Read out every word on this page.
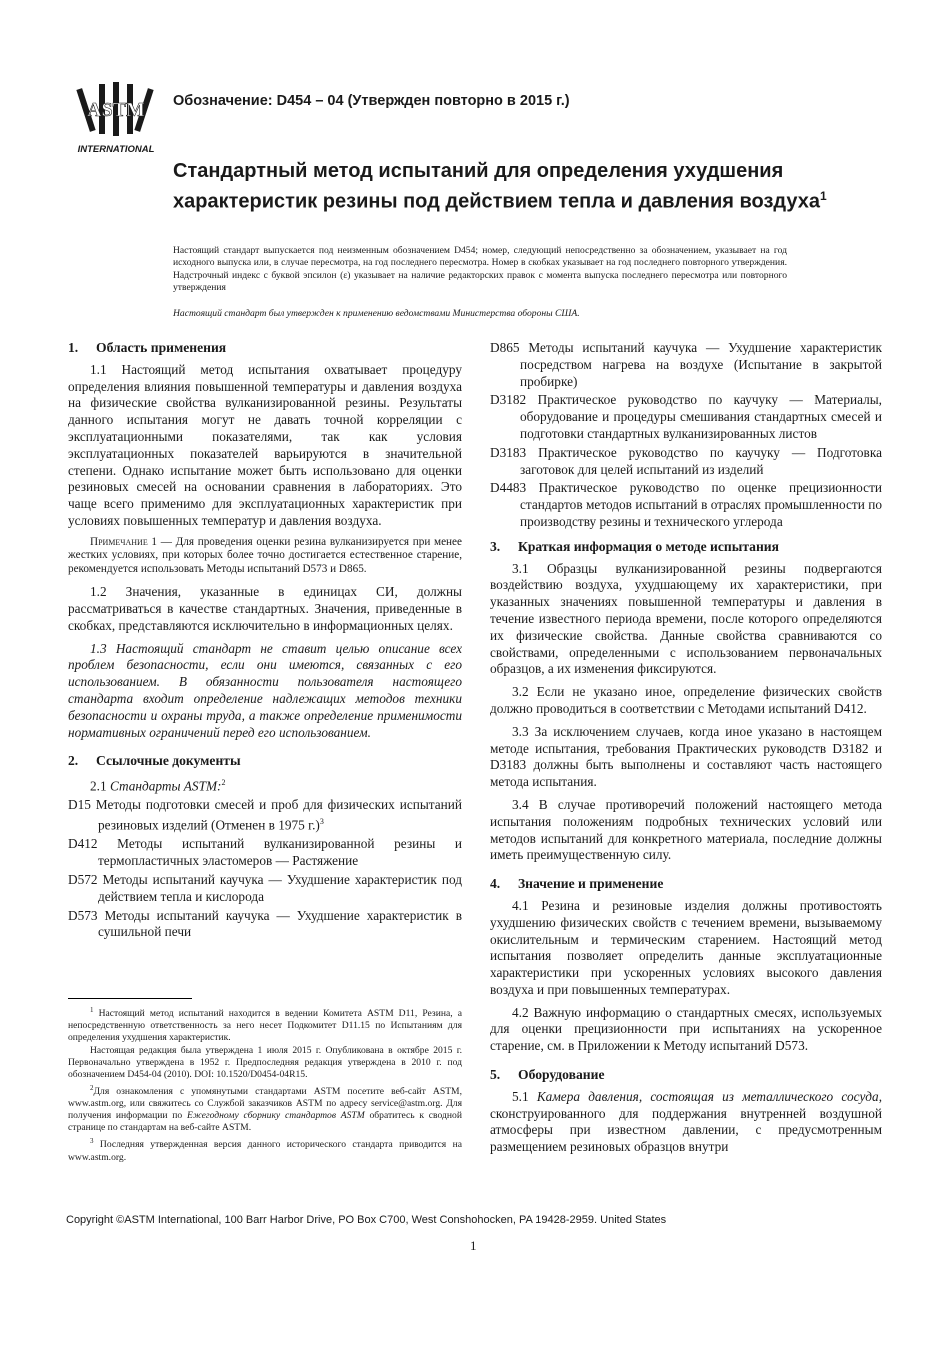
ASTM
INTERNATIONAL
Обозначение: D454 – 04 (Утвержден повторно в 2015 г.)
Стандартный метод испытаний для определения ухудшения характеристик резины под действием тепла и давления воздуха$^1$
Настоящий стандарт выпускается под неизменным обозначением D454; номер, следующий непосредственно за обозначением, указывает на год исходного выпуска или, в случае пересмотра, на год последнего пересмотра. Номер в скобках указывает на год последнего повторного утверждения. Надстрочный индекс с буквой эпсилон (ε) указывает на наличие редакторских правок с момента выпуска последнего пересмотра или повторного утверждения
Настоящий стандарт был утвержден к применению ведомствами Министерства обороны США.
1. Область применения

1.1 Настоящий метод испытания охватывает процедуру определения влияния повышенной температуры и давления воздуха на физические свойства вулканизированной резины. Результаты данного испытания могут не давать точной корреляции с эксплуатационными показателями, так как условия эксплуатационных показателей варьируются в значительной степени. Однако испытание может быть использовано для оценки резиновых смесей на основании сравнения в лабораториях. Это чаще всего применимо для эксплуатационных характеристик при условиях повышенных температур и давления воздуха.

Примечание 1 — Для проведения оценки резина вулканизируется при менее жестких условиях, при которых более точно достигается естественное старение, рекомендуется использовать Методы испытаний D573 и D865.

1.2 Значения, указанные в единицах СИ, должны рассматриваться в качестве стандартных. Значения, приведенные в скобках, представляются исключительно в информационных целях.

1.3 Настоящий стандарт не ставит целью описание всех проблем безопасности, если они имеются, связанных с его использованием. В обязанности пользователя настоящего стандарта входит определение надлежащих методов техники безопасности и охраны труда, а также определение применимости нормативных ограничений перед его использованием.

2. Ссылочные документы
2.1 Стандарты ASTM:$^2$
D15 Методы подготовки смесей и проб для физических испытаний резиновых изделий (Отменен в 1975 г.)$^3$
D412 Методы испытаний вулканизированной резины и термопластичных эластомеров — Растяжение
D572 Методы испытаний каучука — Ухудшение характеристик под действием тепла и кислорода
D573 Методы испытаний каучука — Ухудшение характеристик в сушильной печи
D865 Методы испытаний каучука — Ухудшение характеристик посредством нагрева на воздухе (Испытание в закрытой пробирке)
D3182 Практическое руководство по каучуку — Материалы, оборудование и процедуры смешивания стандартных смесей и подготовки стандартных вулканизированных листов
D3183 Практическое руководство по каучуку — Подготовка заготовок для целей испытаний из изделий
D4483 Практическое руководство по оценке прецизионности стандартов методов испытаний в отраслях промышленности по производству резины и технического углерода
3. Краткая информация о методе испытания

3.1 Образцы вулканизированной резины подвергаются воздействию воздуха, ухудшающему их характеристики, при указанных значениях повышенной температуры и давления в течение известного периода времени, после которого определяются их физические свойства. Данные свойства сравниваются со свойствами, определенными с использованием первоначальных образцов, а их изменения фиксируются.

3.2 Если не указано иное, определение физических свойств должно проводиться в соответствии с Методами испытаний D412.

3.3 За исключением случаев, когда иное указано в настоящем методе испытания, требования Практических руководств D3182 и D3183 должны быть выполнены и составляют часть настоящего метода испытания.

3.4 В случае противоречий положений настоящего метода испытания положениям подробных технических условий или методов испытаний для конкретного материала, последние должны иметь преимущественную силу.

4. Значение и применение

4.1 Резина и резиновые изделия должны противостоять ухудшению физических свойств с течением времени, вызываемому окислительным и термическим старением. Настоящий метод испытания позволяет определить данные эксплуатационные характеристики при ускоренных условиях высокого давления воздуха и при повышенных температурах.

4.2 Важную информацию о стандартных смесях, используемых для оценки прецизионности при испытаниях на ускоренное старение, см. в Приложении к Методу испытаний D573.

5. Оборудование

5.1 Камера давления, состоящая из металлического сосуда, сконструированного для поддержания внутренней воздушной атмосферы при известном давлении, с предусмотренным размещением резиновых образцов внутри

$^1$ Настоящий метод испытаний находится в ведении Комитета ASTM D11, Резина, а непосредственную ответственность за него несет Подкомитет D11.15 по Испытаниям для определения ухудшения характеристик.
Настоящая редакция была утверждена 1 июля 2015 г. Опубликована в октябре 2015 г. Первоначально утверждена в 1952 г. Предпоследняя редакция утверждена в 2010 г. под обозначением D454-04 (2010). DOI: 10.1520/D0454-04R15.
$^2$Для ознакомления с упомянутыми стандартами ASTM посетите веб-сайт ASTM, www.astm.org, или свяжитесь со Службой заказчиков ASTM по адресу service@astm.org. Для получения информации по Ежегодному сборнику стандартов ASTM обратитесь к сводной странице по стандартам на веб-сайте ASTM.
$^3$ Последняя утвержденная версия данного исторического стандарта приводится на www.astm.org.
Copyright ©ASTM International, 100 Barr Harbor Drive, PO Box C700, West Conshohocken, PA 19428-2959. United States
1
